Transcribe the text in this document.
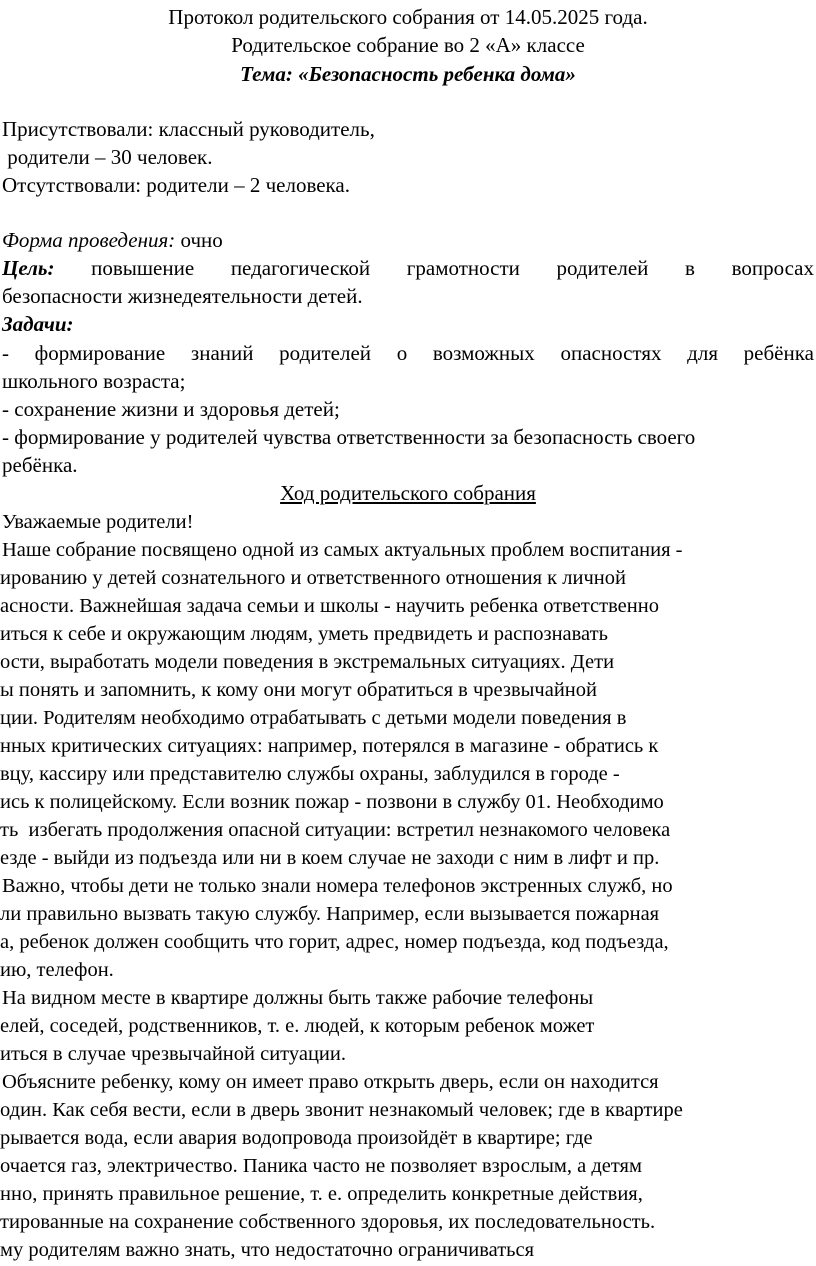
Протокол родительского собрания от 14.05.2025 года.
Родительское собрание во 2 «А» классе
Тема: «Безопасность ребенка дома»
Присутствовали: классный руководитель,
родители – 30 человек.
Отсутствовали: родители – 2 человека.
Форма проведения: очно
Цель: повышение педагогической грамотности родителей в вопросах
безопасности жизнедеятельности детей.
Задачи:
- формирование знаний родителей о возможных опасностях для ребёнка
школьного возраста;
- сохранение жизни и здоровья детей;
- формирование у родителей чувства ответственности за безопасность своего
ребёнка.
Ход родительского собрания
Уважаемые родители!
Наше собрание посвящено одной из самых актуальных проблем воспитания -
ированию у детей сознательного и ответственного отношения к личной
асности. Важнейшая задача семьи и школы - научить ребенка ответственно
иться к себе и окружающим людям, уметь предвидеть и распознавать
ости, выработать модели поведения в экстремальных ситуациях. Дети
ы понять и запомнить, к кому они могут обратиться в чрезвычайной
ции. Родителям необходимо отрабатывать с детьми модели поведения в
нных критических ситуациях: например, потерялся в магазине - обратись к
вцу, кассиру или представителю службы охраны, заблудился в городе -
ись к полицейскому. Если возник пожар - позвони в службу 01. Необходимо
ть  избегать продолжения опасной ситуации: встретил незнакомого человека
езде - выйди из подъезда или ни в коем случае не заходи с ним в лифт и пр.
Важно, чтобы дети не только знали номера телефонов экстренных служб, но
ли правильно вызвать такую службу. Например, если вызывается пожарная
а, ребенок должен сообщить что горит, адрес, номер подъезда, код подъезда,
ию, телефон.
На видном месте в квартире должны быть также рабочие телефоны
елей, соседей, родственников, т. е. людей, к которым ребенок может
иться в случае чрезвычайной ситуации.
Объясните ребенку, кому он имеет право открыть дверь, если он находится
один. Как себя вести, если в дверь звонит незнакомый человек; где в квартире
рывается вода, если авария водопровода произойдёт в квартире; где
очается газ, электричество. Паника часто не позволяет взрослым, а детям
нно, принять правильное решение, т. е. определить конкретные действия,
тированные на сохранение собственного здоровья, их последовательность.
му родителям важно знать, что недостаточно ограничиваться
